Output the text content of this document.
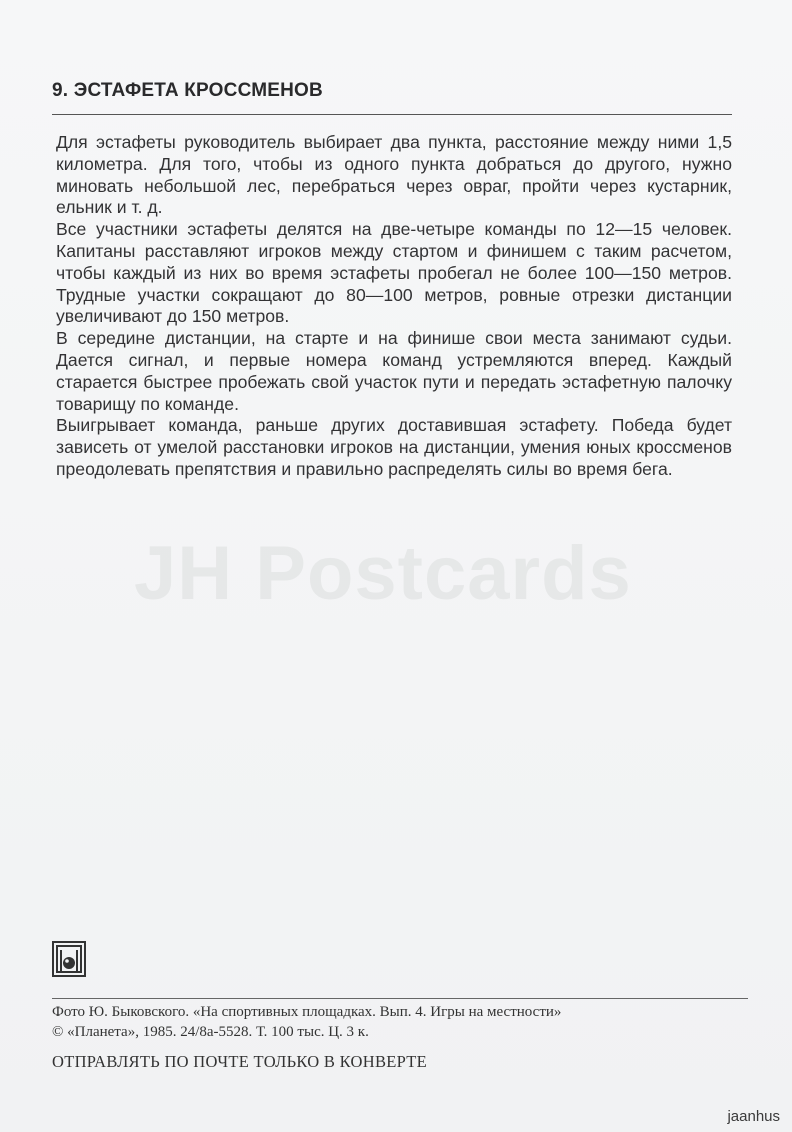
9. ЭСТАФЕТА КРОССМЕНОВ

Для эстафеты руководитель выбирает два пункта, расстояние между ними 1,5 километра. Для того, чтобы из одного пункта добраться до другого, нужно миновать небольшой лес, перебраться через овраг, пройти через кустарник, ельник и т. д.

Все участники эстафеты делятся на две-четыре команды по 12—15 человек. Капитаны расставляют игроков между стартом и финишем с таким расчетом, чтобы каждый из них во время эстафеты пробегал не более 100—150 метров. Трудные участки сокращают до 80—100 метров, ровные отрезки дистанции увеличивают до 150 метров.

В середине дистанции, на старте и на финише свои места занимают судьи. Дается сигнал, и первые номера команд устремляются вперед. Каждый старается быстрее пробежать свой участок пути и передать эстафетную палочку товарищу по команде.

Выигрывает команда, раньше других доставившая эстафету. Победа будет зависеть от умелой расстановки игроков на дистанции, умения юных кроссменов преодолевать препятствия и правильно распределять силы во время бега.

JH Postcards
Фото Ю. Быковского. «На спортивных площадках. Вып. 4. Игры на местности»
© «Планета», 1985. 24/8а-5528. Т. 100 тыс. Ц. 3 к.
ОТПРАВЛЯТЬ ПО ПОЧТЕ ТОЛЬКО В КОНВЕРТЕ
jaanhus
